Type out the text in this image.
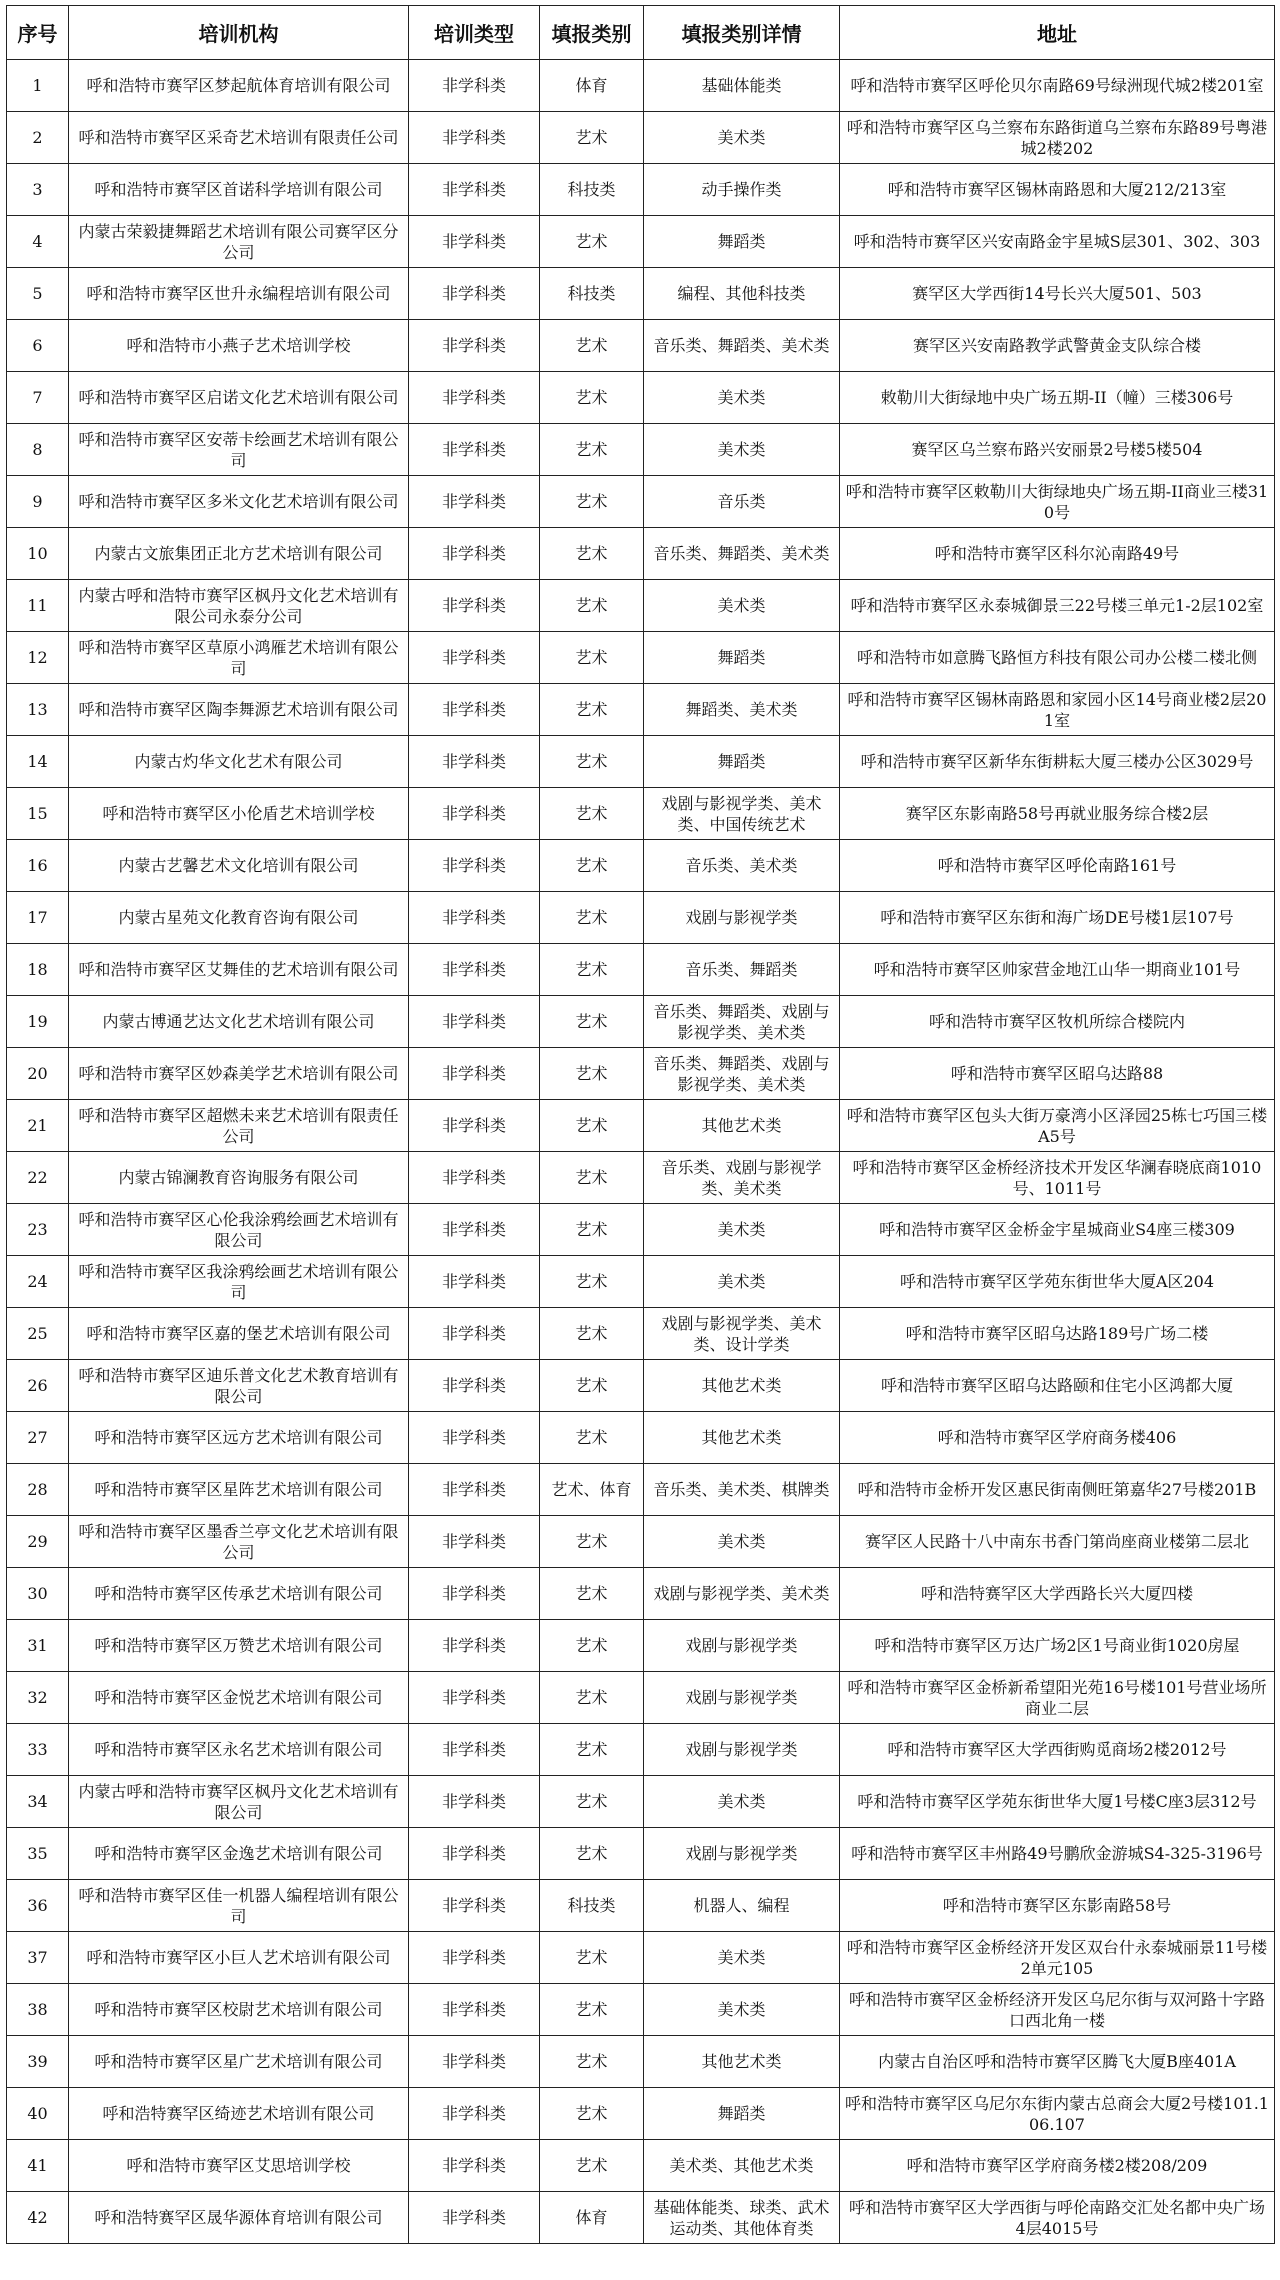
序号	培训机构	培训类型	填报类别	填报类别详情	地址
1	呼和浩特市赛罕区梦起航体育培训有限公司	非学科类	体育	基础体能类	呼和浩特市赛罕区呼伦贝尔南路69号绿洲现代城2楼201室
2	呼和浩特市赛罕区采奇艺术培训有限责任公司	非学科类	艺术	美术类	呼和浩特市赛罕区乌兰察布东路街道乌兰察布东路89号粤港城2楼202
3	呼和浩特市赛罕区首诺科学培训有限公司	非学科类	科技类	动手操作类	呼和浩特市赛罕区锡林南路恩和大厦212/213室
4	内蒙古荣毅捷舞蹈艺术培训有限公司赛罕区分公司	非学科类	艺术	舞蹈类	呼和浩特市赛罕区兴安南路金宇星城S层301、302、303
5	呼和浩特市赛罕区世升永编程培训有限公司	非学科类	科技类	编程、其他科技类	赛罕区大学西街14号长兴大厦501、503
6	呼和浩特市小燕子艺术培训学校	非学科类	艺术	音乐类、舞蹈类、美术类	赛罕区兴安南路教学武警黄金支队综合楼
7	呼和浩特市赛罕区启诺文化艺术培训有限公司	非学科类	艺术	美术类	敕勒川大街绿地中央广场五期-II（幢）三楼306号
8	呼和浩特市赛罕区安蒂卡绘画艺术培训有限公司	非学科类	艺术	美术类	赛罕区乌兰察布路兴安丽景2号楼5楼504
9	呼和浩特市赛罕区多米文化艺术培训有限公司	非学科类	艺术	音乐类	呼和浩特市赛罕区敕勒川大街绿地央广场五期-II商业三楼310号
10	内蒙古文旅集团正北方艺术培训有限公司	非学科类	艺术	音乐类、舞蹈类、美术类	呼和浩特市赛罕区科尔沁南路49号
11	内蒙古呼和浩特市赛罕区枫丹文化艺术培训有限公司永泰分公司	非学科类	艺术	美术类	呼和浩特市赛罕区永泰城御景三22号楼三单元1-2层102室
12	呼和浩特市赛罕区草原小鸿雁艺术培训有限公司	非学科类	艺术	舞蹈类	呼和浩特市如意腾飞路恒方科技有限公司办公楼二楼北侧
13	呼和浩特市赛罕区陶李舞源艺术培训有限公司	非学科类	艺术	舞蹈类、美术类	呼和浩特市赛罕区锡林南路恩和家园小区14号商业楼2层201室
14	内蒙古灼华文化艺术有限公司	非学科类	艺术	舞蹈类	呼和浩特市赛罕区新华东街耕耘大厦三楼办公区3029号
15	呼和浩特市赛罕区小伦盾艺术培训学校	非学科类	艺术	戏剧与影视学类、美术类、中国传统艺术	赛罕区东影南路58号再就业服务综合楼2层
16	内蒙古艺馨艺术文化培训有限公司	非学科类	艺术	音乐类、美术类	呼和浩特市赛罕区呼伦南路161号
17	内蒙古星苑文化教育咨询有限公司	非学科类	艺术	戏剧与影视学类	呼和浩特市赛罕区东街和海广场DE号楼1层107号
18	呼和浩特市赛罕区艾舞佳的艺术培训有限公司	非学科类	艺术	音乐类、舞蹈类	呼和浩特市赛罕区帅家营金地江山华一期商业101号
19	内蒙古博通艺达文化艺术培训有限公司	非学科类	艺术	音乐类、舞蹈类、戏剧与影视学类、美术类	呼和浩特市赛罕区牧机所综合楼院内
20	呼和浩特市赛罕区妙森美学艺术培训有限公司	非学科类	艺术	音乐类、舞蹈类、戏剧与影视学类、美术类	呼和浩特市赛罕区昭乌达路88
21	呼和浩特市赛罕区超燃未来艺术培训有限责任公司	非学科类	艺术	其他艺术类	呼和浩特市赛罕区包头大街万豪湾小区泽园25栋七巧国三楼A5号
22	内蒙古锦澜教育咨询服务有限公司	非学科类	艺术	音乐类、戏剧与影视学类、美术类	呼和浩特市赛罕区金桥经济技术开发区华澜春晓底商1010号、1011号
23	呼和浩特市赛罕区心伦我涂鸦绘画艺术培训有限公司	非学科类	艺术	美术类	呼和浩特市赛罕区金桥金宇星城商业S4座三楼309
24	呼和浩特市赛罕区我涂鸦绘画艺术培训有限公司	非学科类	艺术	美术类	呼和浩特市赛罕区学苑东街世华大厦A区204
25	呼和浩特市赛罕区嘉的堡艺术培训有限公司	非学科类	艺术	戏剧与影视学类、美术类、设计学类	呼和浩特市赛罕区昭乌达路189号广场二楼
26	呼和浩特市赛罕区迪乐普文化艺术教育培训有限公司	非学科类	艺术	其他艺术类	呼和浩特市赛罕区昭乌达路颐和住宅小区鸿都大厦
27	呼和浩特市赛罕区远方艺术培训有限公司	非学科类	艺术	其他艺术类	呼和浩特市赛罕区学府商务楼406
28	呼和浩特市赛罕区星阵艺术培训有限公司	非学科类	艺术、体育	音乐类、美术类、棋牌类	呼和浩特市金桥开发区惠民街南侧旺第嘉华27号楼201B
29	呼和浩特市赛罕区墨香兰亭文化艺术培训有限公司	非学科类	艺术	美术类	赛罕区人民路十八中南东书香门第尚座商业楼第二层北
30	呼和浩特市赛罕区传承艺术培训有限公司	非学科类	艺术	戏剧与影视学类、美术类	呼和浩特赛罕区大学西路长兴大厦四楼
31	呼和浩特市赛罕区万赞艺术培训有限公司	非学科类	艺术	戏剧与影视学类	呼和浩特市赛罕区万达广场2区1号商业街1020房屋
32	呼和浩特市赛罕区金悦艺术培训有限公司	非学科类	艺术	戏剧与影视学类	呼和浩特市赛罕区金桥新希望阳光苑16号楼101号营业场所商业二层
33	呼和浩特市赛罕区永名艺术培训有限公司	非学科类	艺术	戏剧与影视学类	呼和浩特市赛罕区大学西街购觅商场2楼2012号
34	内蒙古呼和浩特市赛罕区枫丹文化艺术培训有限公司	非学科类	艺术	美术类	呼和浩特市赛罕区学苑东街世华大厦1号楼C座3层312号
35	呼和浩特市赛罕区金逸艺术培训有限公司	非学科类	艺术	戏剧与影视学类	呼和浩特市赛罕区丰州路49号鹏欣金游城S4-325-3196号
36	呼和浩特市赛罕区佳一机器人编程培训有限公司	非学科类	科技类	机器人、编程	呼和浩特市赛罕区东影南路58号
37	呼和浩特市赛罕区小巨人艺术培训有限公司	非学科类	艺术	美术类	呼和浩特市赛罕区金桥经济开发区双台什永泰城丽景11号楼2单元105
38	呼和浩特市赛罕区校尉艺术培训有限公司	非学科类	艺术	美术类	呼和浩特市赛罕区金桥经济开发区乌尼尔街与双河路十字路口西北角一楼
39	呼和浩特市赛罕区星广艺术培训有限公司	非学科类	艺术	其他艺术类	内蒙古自治区呼和浩特市赛罕区腾飞大厦B座401A
40	呼和浩特赛罕区绮迹艺术培训有限公司	非学科类	艺术	舞蹈类	呼和浩特市赛罕区乌尼尔东街内蒙古总商会大厦2号楼101.106.107
41	呼和浩特市赛罕区艾思培训学校	非学科类	艺术	美术类、其他艺术类	呼和浩特市赛罕区学府商务楼2楼208/209
42	呼和浩特赛罕区晟华源体育培训有限公司	非学科类	体育	基础体能类、球类、武术运动类、其他体育类	呼和浩特市赛罕区大学西街与呼伦南路交汇处名都中央广场4层4015号
